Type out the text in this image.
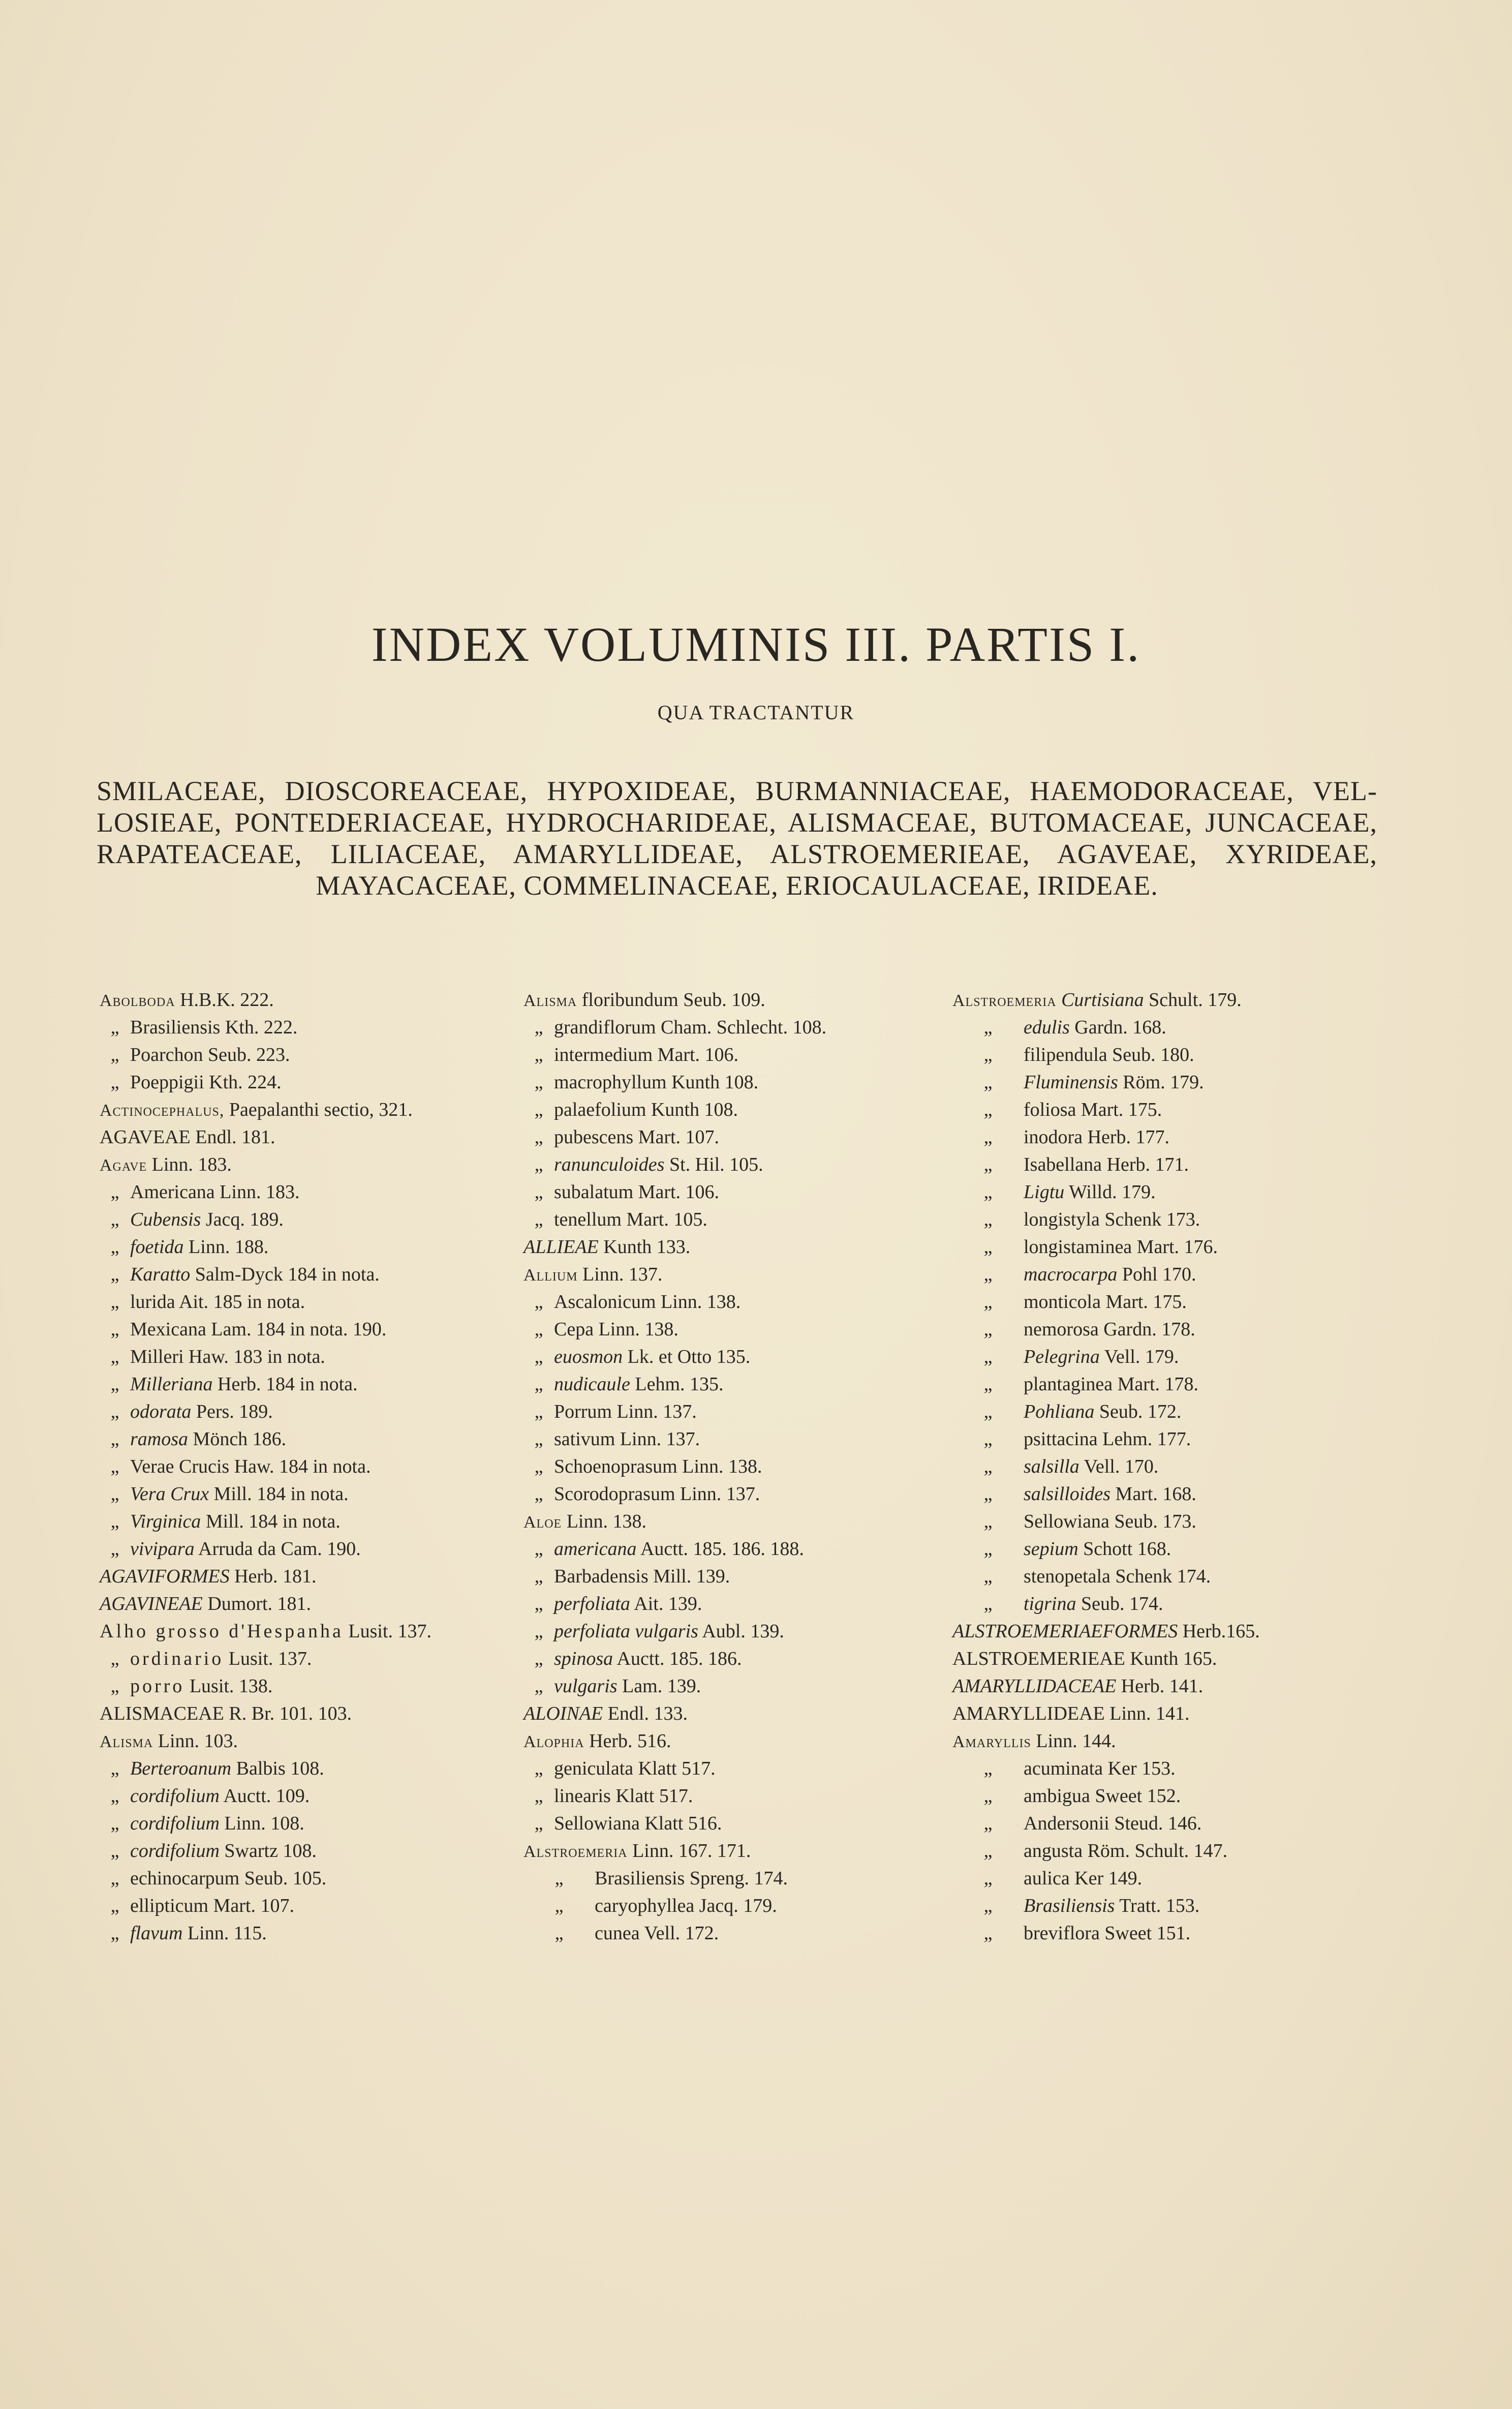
INDEX VOLUMINIS III. PARTIS I.
QUA TRACTANTUR
SMILACEAE, DIOSCOREACEAE, HYPOXIDEAE, BURMANNIACEAE, HAEMODORACEAE, VEL-
LOSIEAE, PONTEDERIACEAE, HYDROCHARIDEAE, ALISMACEAE, BUTOMACEAE, JUNCACEAE,
RAPATEACEAE, LILIACEAE, AMARYLLIDEAE, ALSTROEMERIEAE, AGAVEAE, XYRIDEAE,
MAYACACEAE, COMMELINACEAE, ERIOCAULACEAE, IRIDEAE.
Abolboda H.B.K. 222.
„ Brasiliensis Kth. 222.
„ Poarchon Seub. 223.
„ Poeppigii Kth. 224.
Actinocephalus, Paepalanthi sectio, 321.
AGAVEAE Endl. 181.
Agave Linn. 183.
„ Americana Linn. 183.
„ Cubensis Jacq. 189.
„ foetida Linn. 188.
„ Karatto Salm-Dyck 184 in nota.
„ lurida Ait. 185 in nota.
„ Mexicana Lam. 184 in nota. 190.
„ Milleri Haw. 183 in nota.
„ Milleriana Herb. 184 in nota.
„ odorata Pers. 189.
„ ramosa Mönch 186.
„ Verae Crucis Haw. 184 in nota.
„ Vera Crux Mill. 184 in nota.
„ Virginica Mill. 184 in nota.
„ vivipara Arruda da Cam. 190.
AGAVIFORMES Herb. 181.
AGAVINEAE Dumort. 181.
Alho grosso d'Hespanha Lusit. 137.
„ ordinario Lusit. 137.
„ porro Lusit. 138.
ALISMACEAE R. Br. 101. 103.
Alisma Linn. 103.
„ Berteroanum Balbis 108.
„ cordifolium Auctt. 109.
„ cordifolium Linn. 108.
„ cordifolium Swartz 108.
„ echinocarpum Seub. 105.
„ ellipticum Mart. 107.
„ flavum Linn. 115.
Alisma floribundum Seub. 109.
„ grandiflorum Cham. Schlecht. 108.
„ intermedium Mart. 106.
„ macrophyllum Kunth 108.
„ palaefolium Kunth 108.
„ pubescens Mart. 107.
„ ranunculoides St. Hil. 105.
„ subalatum Mart. 106.
„ tenellum Mart. 105.
ALLIEAE Kunth 133.
Allium Linn. 137.
„ Ascalonicum Linn. 138.
„ Cepa Linn. 138.
„ euosmon Lk. et Otto 135.
„ nudicaule Lehm. 135.
„ Porrum Linn. 137.
„ sativum Linn. 137.
„ Schoenoprasum Linn. 138.
„ Scorodoprasum Linn. 137.
Aloe Linn. 138.
„ americana Auctt. 185. 186. 188.
„ Barbadensis Mill. 139.
„ perfoliata Ait. 139.
„ perfoliata vulgaris Aubl. 139.
„ spinosa Auctt. 185. 186.
„ vulgaris Lam. 139.
ALOINAE Endl. 133.
Alophia Herb. 516.
„ geniculata Klatt 517.
„ linearis Klatt 517.
„ Sellowiana Klatt 516.
Alstroemeria Linn. 167. 171.
„ Brasiliensis Spreng. 174.
„ caryophyllea Jacq. 179.
„ cunea Vell. 172.
Alstroemeria Curtisiana Schult. 179.
„ edulis Gardn. 168.
„ filipendula Seub. 180.
„ Fluminensis Röm. 179.
„ foliosa Mart. 175.
„ inodora Herb. 177.
„ Isabellana Herb. 171.
„ Ligtu Willd. 179.
„ longistyla Schenk 173.
„ longistaminea Mart. 176.
„ macrocarpa Pohl 170.
„ monticola Mart. 175.
„ nemorosa Gardn. 178.
„ Pelegrina Vell. 179.
„ plantaginea Mart. 178.
„ Pohliana Seub. 172.
„ psittacina Lehm. 177.
„ salsilla Vell. 170.
„ salsilloides Mart. 168.
„ Sellowiana Seub. 173.
„ sepium Schott 168.
„ stenopetala Schenk 174.
„ tigrina Seub. 174.
ALSTROEMERIAEFORMES Herb.165.
ALSTROEMERIEAE Kunth 165.
AMARYLLIDACEAE Herb. 141.
AMARYLLIDEAE Linn. 141.
Amaryllis Linn. 144.
„ acuminata Ker 153.
„ ambigua Sweet 152.
„ Andersonii Steud. 146.
„ angusta Röm. Schult. 147.
„ aulica Ker 149.
„ Brasiliensis Tratt. 153.
„ breviflora Sweet 151.
